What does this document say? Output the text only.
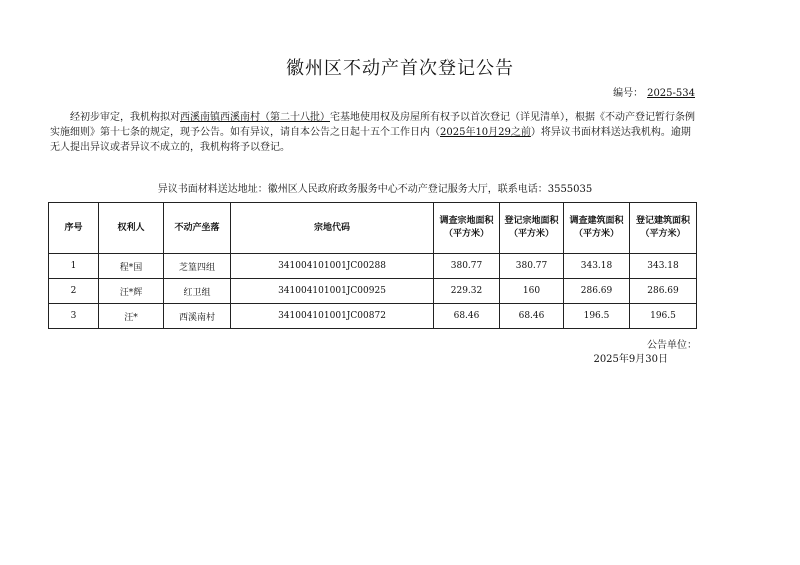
徽州区不动产首次登记公告
编号： 2025-534
经初步审定，我机构拟对西溪南镇西溪南村（第二十八批）宅基地使用权及房屋所有权予以首次登记（详见清单），根据《不动产登记暂行条例实施细则》第十七条的规定，现予公告。如有异议，请自本公告之日起十五个工作日内（2025年10月29之前）将异议书面材料送达我机构。逾期无人提出异议或者异议不成立的，我机构将予以登记。
异议书面材料送达地址：徽州区人民政府政务服务中心不动产登记服务大厅，联系电话：3555035
序号	权利人	不动产坐落	宗地代码	调查宗地面积（平方米）	登记宗地面积（平方米）	调查建筑面积（平方米）	登记建筑面积（平方米）
1	程*国	芝篁四组	341004101001JC00288	380.77	380.77	343.18	343.18
2	汪*辉	红卫组	341004101001JC00925	229.32	160	286.69	286.69
3	汪*	西溪南村	341004101001JC00872	68.46	68.46	196.5	196.5
公告单位：
2025年9月30日
